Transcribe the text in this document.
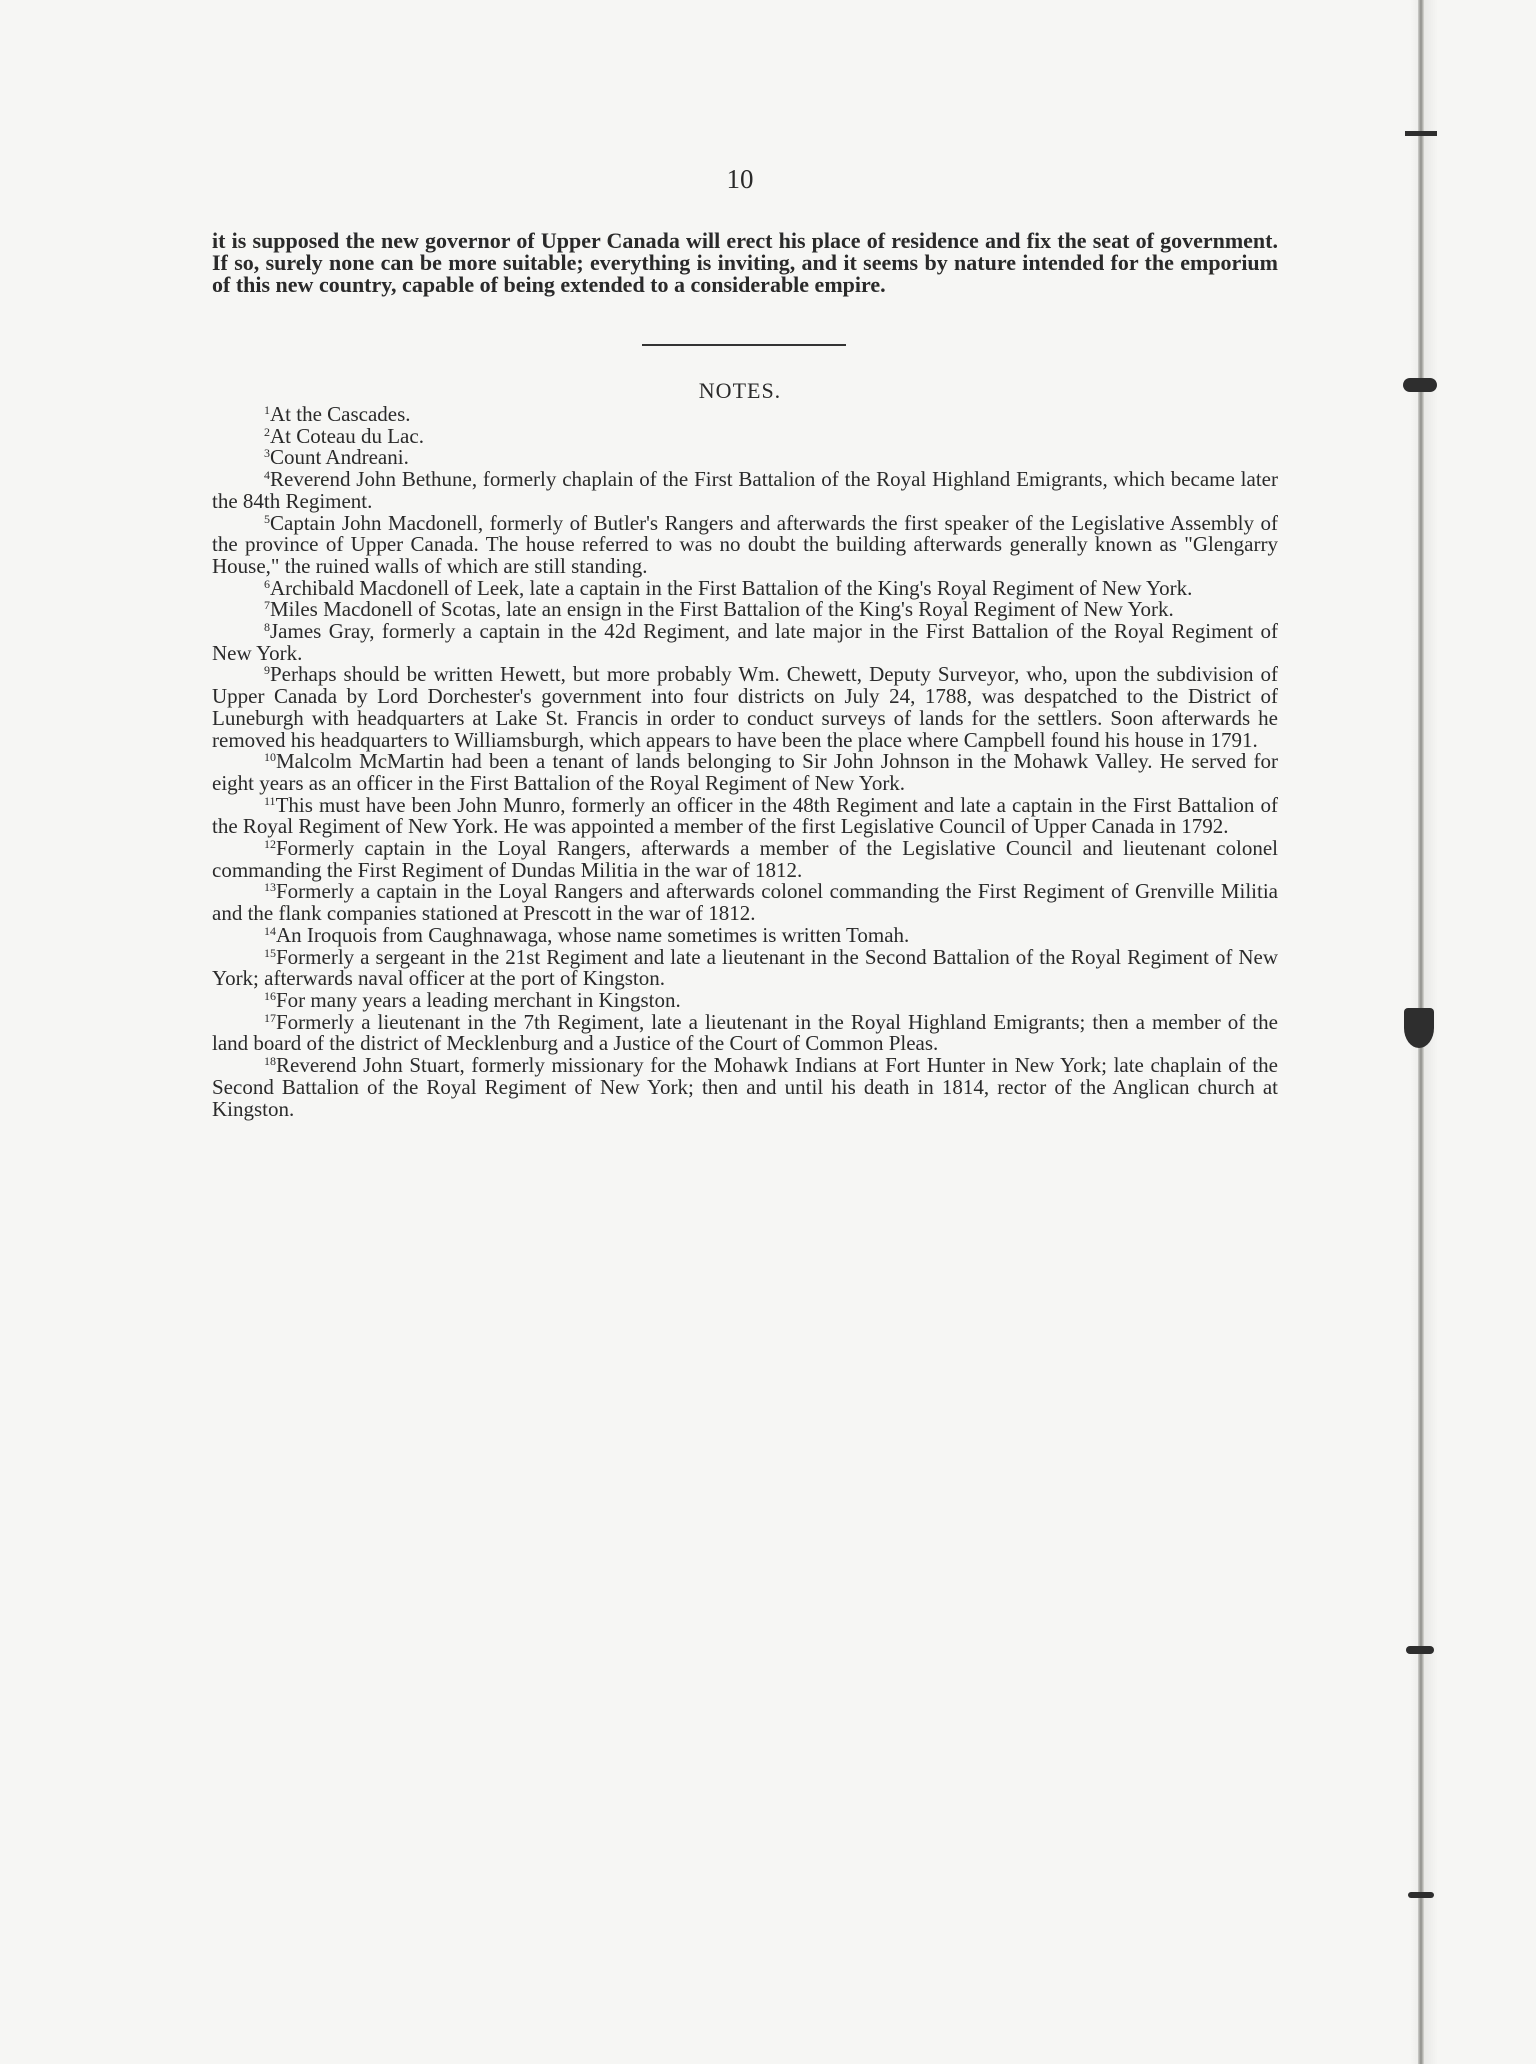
10

it is supposed the new governor of Upper Canada will erect his place of residence and fix the seat of government. If so, surely none can be more suitable; everything is inviting, and it seems by nature intended for the emporium of this new country, capable of being extended to a considerable empire.

NOTES.

$^1$At the Cascades.

$^2$At Coteau du Lac.

$^3$Count Andreani.

$^4$Reverend John Bethune, formerly chaplain of the First Battalion of the Royal Highland Emigrants, which became later the 84th Regiment.

$^5$Captain John Macdonell, formerly of Butler's Rangers and afterwards the first speaker of the Legislative Assembly of the province of Upper Canada. The house referred to was no doubt the building afterwards generally known as "Glengarry House," the ruined walls of which are still standing.

$^6$Archibald Macdonell of Leek, late a captain in the First Battalion of the King's Royal Regiment of New York.

$^7$Miles Macdonell of Scotas, late an ensign in the First Battalion of the King's Royal Regiment of New York.

$^8$James Gray, formerly a captain in the 42d Regiment, and late major in the First Battalion of the Royal Regiment of New York.

$^9$Perhaps should be written Hewett, but more probably Wm. Chewett, Deputy Surveyor, who, upon the subdivision of Upper Canada by Lord Dorchester's government into four districts on July 24, 1788, was despatched to the District of Luneburgh with headquarters at Lake St. Francis in order to conduct surveys of lands for the settlers. Soon afterwards he removed his headquarters to Williamsburgh, which appears to have been the place where Campbell found his house in 1791.

$^{10}$Malcolm McMartin had been a tenant of lands belonging to Sir John Johnson in the Mohawk Valley. He served for eight years as an officer in the First Battalion of the Royal Regiment of New York.

$^{11}$This must have been John Munro, formerly an officer in the 48th Regiment and late a captain in the First Battalion of the Royal Regiment of New York. He was appointed a member of the first Legislative Council of Upper Canada in 1792.

$^{12}$Formerly captain in the Loyal Rangers, afterwards a member of the Legislative Council and lieutenant colonel commanding the First Regiment of Dundas Militia in the war of 1812.

$^{13}$Formerly a captain in the Loyal Rangers and afterwards colonel commanding the First Regiment of Grenville Militia and the flank companies stationed at Prescott in the war of 1812.

$^{14}$An Iroquois from Caughnawaga, whose name sometimes is written Tomah.

$^{15}$Formerly a sergeant in the 21st Regiment and late a lieutenant in the Second Battalion of the Royal Regiment of New York; afterwards naval officer at the port of Kingston.

$^{16}$For many years a leading merchant in Kingston.

$^{17}$Formerly a lieutenant in the 7th Regiment, late a lieutenant in the Royal Highland Emigrants; then a member of the land board of the district of Mecklenburg and a Justice of the Court of Common Pleas.

$^{18}$Reverend John Stuart, formerly missionary for the Mohawk Indians at Fort Hunter in New York; late chaplain of the Second Battalion of the Royal Regiment of New York; then and until his death in 1814, rector of the Anglican church at Kingston.
